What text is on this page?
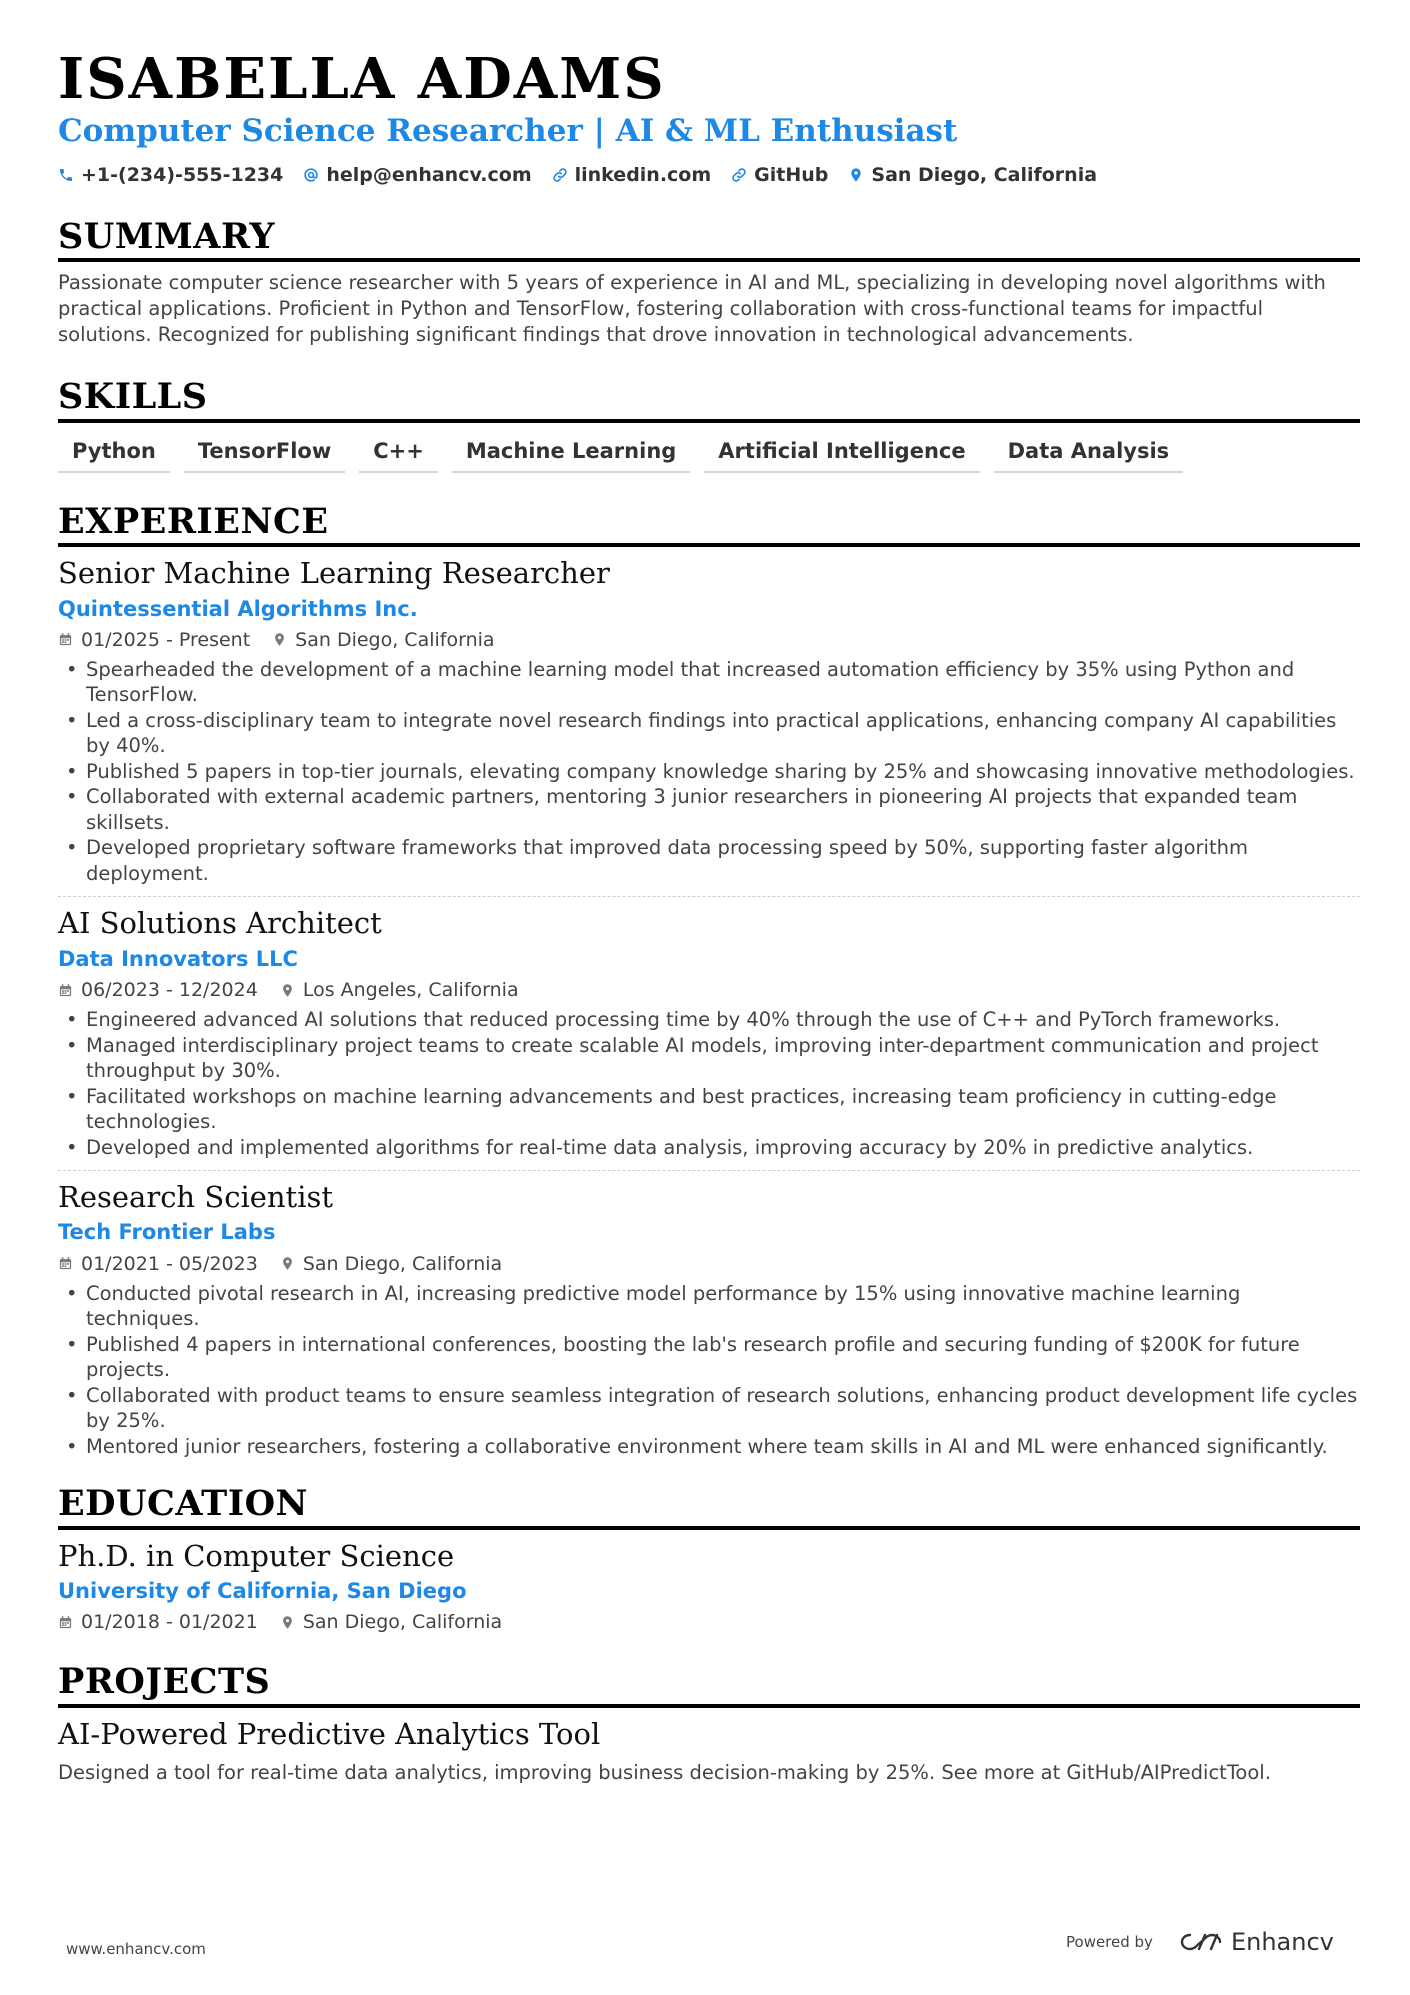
ISABELLA ADAMS
Computer Science Researcher | AI & ML Enthusiast
+1-(234)-555-1234 help@enhancv.com linkedin.com GitHub San Diego, California
SUMMARY
Passionate computer science researcher with 5 years of experience in AI and ML, specializing in developing novel algorithms with practical applications. Proficient in Python and TensorFlow, fostering collaboration with cross-functional teams for impactful solutions. Recognized for publishing significant findings that drove innovation in technological advancements.
SKILLS
Python	TensorFlow	C++	Machine Learning	Artificial Intelligence	Data Analysis
EXPERIENCE
Senior Machine Learning Researcher
Quintessential Algorithms Inc.
01/2025 - Present San Diego, California
• Spearheaded the development of a machine learning model that increased automation efficiency by 35% using Python and TensorFlow.
• Led a cross-disciplinary team to integrate novel research findings into practical applications, enhancing company AI capabilities by 40%.
• Published 5 papers in top-tier journals, elevating company knowledge sharing by 25% and showcasing innovative methodologies.
• Collaborated with external academic partners, mentoring 3 junior researchers in pioneering AI projects that expanded team skillsets.
• Developed proprietary software frameworks that improved data processing speed by 50%, supporting faster algorithm deployment.
AI Solutions Architect
Data Innovators LLC
06/2023 - 12/2024 Los Angeles, California
• Engineered advanced AI solutions that reduced processing time by 40% through the use of C++ and PyTorch frameworks.
• Managed interdisciplinary project teams to create scalable AI models, improving inter-department communication and project throughput by 30%.
• Facilitated workshops on machine learning advancements and best practices, increasing team proficiency in cutting-edge technologies.
• Developed and implemented algorithms for real-time data analysis, improving accuracy by 20% in predictive analytics.
Research Scientist
Tech Frontier Labs
01/2021 - 05/2023 San Diego, California
• Conducted pivotal research in AI, increasing predictive model performance by 15% using innovative machine learning techniques.
• Published 4 papers in international conferences, boosting the lab's research profile and securing funding of $200K for future projects.
• Collaborated with product teams to ensure seamless integration of research solutions, enhancing product development life cycles by 25%.
• Mentored junior researchers, fostering a collaborative environment where team skills in AI and ML were enhanced significantly.
EDUCATION
Ph.D. in Computer Science
University of California, San Diego
01/2018 - 01/2021 San Diego, California
PROJECTS
AI-Powered Predictive Analytics Tool
Designed a tool for real-time data analytics, improving business decision-making by 25%. See more at GitHub/AIPredictTool.
www.enhancv.com	Powered by	Enhancv
